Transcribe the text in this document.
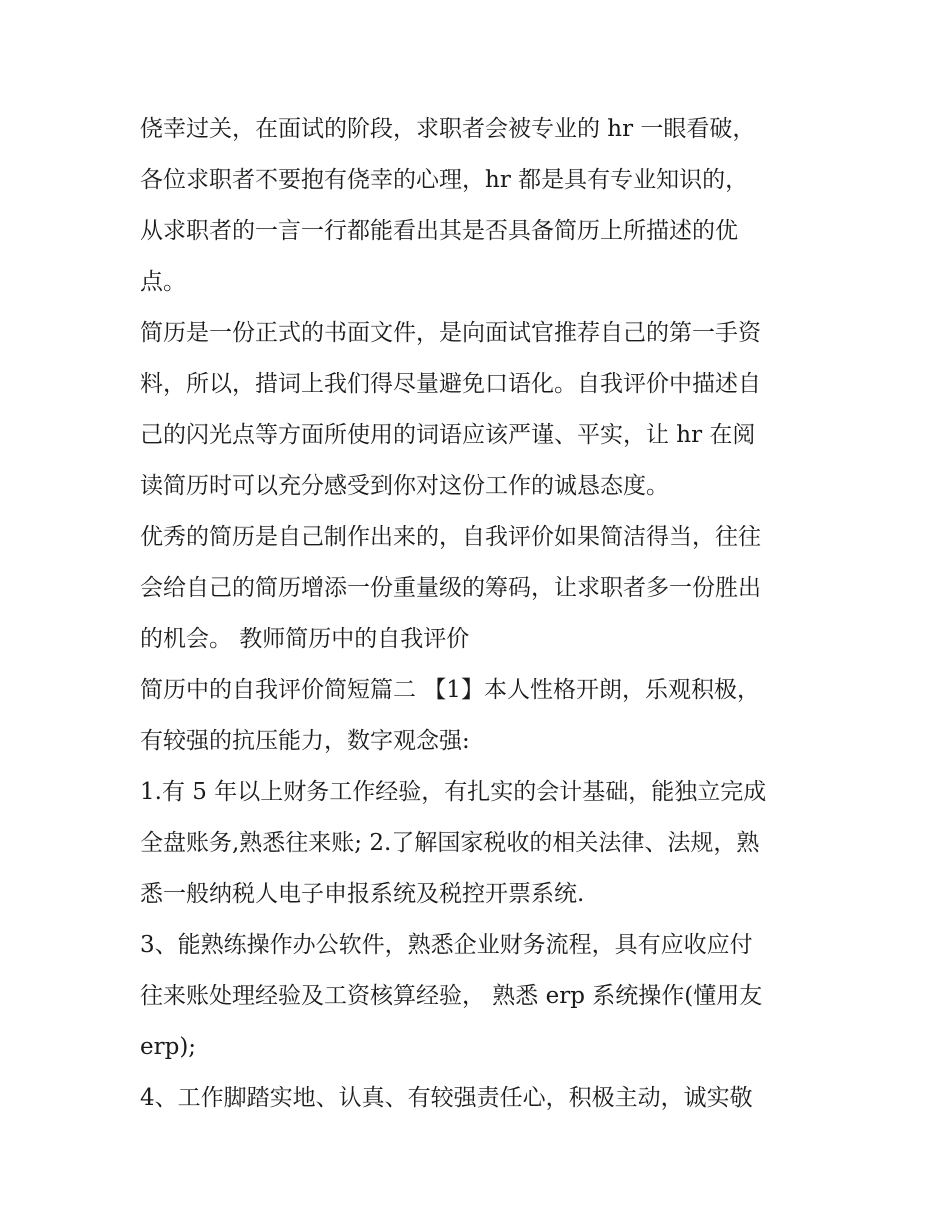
侥幸过关，在面试的阶段，求职者会被专业的 hr 一眼看破，
各位求职者不要抱有侥幸的心理，hr 都是具有专业知识的，
从求职者的一言一行都能看出其是否具备简历上所描述的优
点。
简历是一份正式的书面文件，是向面试官推荐自己的第一手资
料，所以，措词上我们得尽量避免口语化。自我评价中描述自
己的闪光点等方面所使用的词语应该严谨、平实，让 hr 在阅
读简历时可以充分感受到你对这份工作的诚恳态度。
优秀的简历是自己制作出来的，自我评价如果简洁得当，往往
会给自己的简历增添一份重量级的筹码，让求职者多一份胜出
的机会。 教师简历中的自我评价
简历中的自我评价简短篇二 【1】本人性格开朗，乐观积极，
有较强的抗压能力，数字观念强:
1.有 5 年以上财务工作经验，有扎实的会计基础，能独立完成
全盘账务,熟悉往来账; 2.了解国家税收的相关法律、法规，熟
悉一般纳税人电子申报系统及税控开票系统.
3、能熟练操作办公软件，熟悉企业财务流程，具有应收应付
往来账处理经验及工资核算经验， 熟悉 erp 系统操作(懂用友
erp);
4、工作脚踏实地、认真、有较强责任心，积极主动，诚实敬
